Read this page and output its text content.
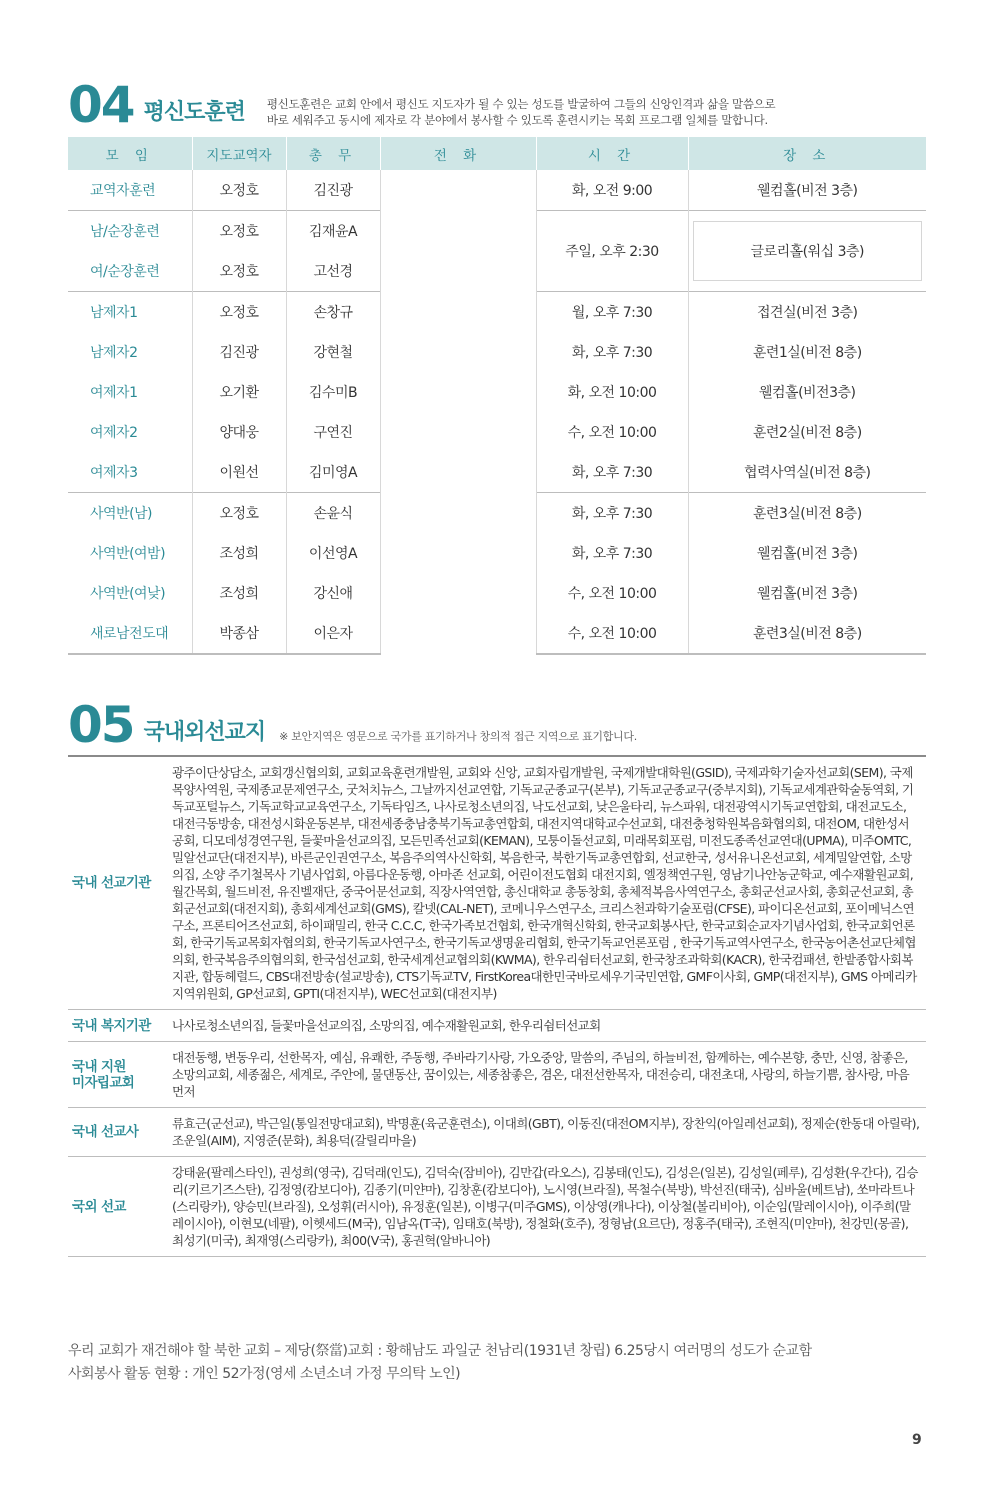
04 평신도훈련 평신도훈련은 교회 안에서 평신도 지도자가 될 수 있는 성도를 발굴하여 그들의 신앙인격과 삶을 말씀으로
바로 세워주고 동시에 제자로 각 분야에서 봉사할 수 있도록 훈련시키는 목회 프로그램 일체를 말합니다.
모 임	지도교역자	총 무	전 화	시 간	장 소
교역자훈련	오정호	김진광		화, 오전 9:00	웰컴홀(비전 3층)
남/순장훈련	오정호	김재윤A		주일, 오후 2:30	글로리홀(워십 3층)

여/순장훈련	오정호	고선경			
남제자1	오정호	손창규		월, 오후 7:30	접견실(비전 3층)
남제자2	김진광	강현철		화, 오후 7:30	훈련1실(비전 8층)
여제자1	오기환	김수미B		화, 오전 10:00	웰컴홀(비전3층)
여제자2	양대웅	구연진		수, 오전 10:00	훈련2실(비전 8층)
여제자3	이원선	김미영A		화, 오후 7:30	협력사역실(비전 8층)
사역반(남)	오정호	손윤식		화, 오후 7:30	훈련3실(비전 8층)
사역반(여밤)	조성희	이선영A		화, 오후 7:30	웰컴홀(비전 3층)
사역반(여낮)	조성희	강신애		수, 오전 10:00	웰컴홀(비전 3층)
새로남전도대	박종삼	이은자		수, 오전 10:00	훈련3실(비전 8층)
05 국내외선교지 ※ 보안지역은 영문으로 국가를 표기하거나 창의적 접근 지역으로 표기합니다.
국내 선교기관	광주이단상담소, 교회갱신협의회, 교회교육훈련개발원, 교회와 신앙, 교회자립개발원, 국제개발대학원(GSID), 국제과학기술자선교회(SEM), 국제목양사역원, 국제종교문제연구소, 굿처치뉴스, 그날까지선교연합, 기독교군종교구(본부), 기독교군종교구(중부지회), 기독교세계관학술동역회, 기독교포털뉴스, 기독교학교교육연구소, 기독타임즈, 나사로청소년의집, 낙도선교회, 낮은울타리, 뉴스파워, 대전광역시기독교연합회, 대전교도소, 대전극동방송, 대전성시화운동본부, 대전세종충남충북기독교총연합회, 대전지역대학교수선교회, 대전충청학원복음화협의회, 대전OM, 대한성서공회, 디모데성경연구원, 들꽃마을선교의집, 모든민족선교회(KEMAN), 모퉁이돌선교회, 미래목회포럼, 미전도종족선교연대(UPMA), 미주OMTC, 밀알선교단(대전지부), 바른군인권연구소, 복음주의역사신학회, 복음한국, 북한기독교총연합회, 선교한국, 성서유니온선교회, 세계밀알연합, 소망의집, 소양 주기철목사 기념사업회, 아름다운동행, 아마존 선교회, 어린이전도협회 대전지회, 엘정책연구원, 영남기나안농군학교, 예수재활원교회, 월간목회, 월드비전, 유진벨재단, 중국어문선교회, 직장사역연합, 총신대학교 총동창회, 총체적복음사역연구소, 총회군선교사회, 총회군선교회, 총회군선교회(대전지회), 총회세계선교회(GMS), 칼넷(CAL-NET), 코메니우스연구소, 크리스천과학기술포럼(CFSE), 파이디온선교회, 포이메닉스연구소, 프론티어즈선교회, 하이패밀리, 한국 C.C.C, 한국가족보건협회, 한국개혁신학회, 한국교회봉사단, 한국교회순교자기념사업회, 한국교회언론회, 한국기독교목회자협의회, 한국기독교사연구소, 한국기독교생명윤리협회, 한국기독교언론포럼 , 한국기독교역사연구소, 한국농어촌선교단체협의회, 한국복음주의협의회, 한국섬선교회, 한국세계선교협의회(KWMA), 한우리쉼터선교회, 한국창조과학회(KACR), 한국컴패션, 한밭종합사회복지관, 합동헤럴드, CBS대전방송(설교방송), CTS기독교TV, FirstKorea대한민국바로세우기국민연합, GMF이사회, GMP(대전지부), GMS 아메리카지역위원회, GP선교회, GPTI(대전지부), WEC선교회(대전지부)
국내 복지기관	나사로청소년의집, 들꽃마을선교의집, 소망의집, 예수재활원교회, 한우리쉼터선교회
국내 지원 미자립교회	대전동행, 변동우리, 선한목자, 예심, 유쾌한, 주동행, 주바라기사랑, 가오중앙, 말씀의, 주님의, 하늘비전, 함께하는, 예수본향, 충만, 신영, 참좋은, 소망의교회, 세종젊은, 세계로, 주안에, 물댄동산, 꿈이있는, 세종참좋은, 겸온, 대전선한목자, 대전승리, 대전초대, 사랑의, 하늘기쁨, 참사랑, 마음먼저
국내 선교사	류효근(군선교), 박근일(통일전망대교회), 박명훈(육군훈련소), 이대희(GBT), 이동진(대전OM지부), 장찬익(아일레선교회), 정제순(한동대 아릴락), 조운일(AIM), 지영준(문화), 최용덕(갈릴리마을)
국외 선교	강태윤(팔레스타인), 권성희(영국), 김덕래(인도), 김덕숙(잠비아), 김만갑(라오스), 김봉태(인도), 김성은(일본), 김성일(페루), 김성환(우간다), 김승리(키르기즈스탄), 김정영(캄보디아), 김종기(미얀마), 김창훈(캄보디아), 노시영(브라질), 목철수(북방), 박선진(태국), 심바울(베트남), 쏘마라트나(스리랑카), 양승민(브라질), 오성휘(러시아), 유정훈(일본), 이병구(미주GMS), 이상영(캐나다), 이상철(볼리비아), 이순임(말레이시아), 이주희(말레이시아), 이현모(네팔), 이헷세드(M국), 임남옥(T국), 임태호(북방), 정철화(호주), 정형남(요르단), 정홍주(태국), 조현직(미얀마), 천강민(몽골), 최성기(미국), 최재영(스리랑카), 최00(V국), 홍권혁(알바니아)
우리 교회가 재건해야 할 북한 교회 – 제당(祭當)교회 : 황해남도 과일군 천남리(1931년 창립) 6.25당시 여러명의 성도가 순교함
사회봉사 활동 현황 : 개인 52가정(영세 소년소녀 가정 무의탁 노인)
9
